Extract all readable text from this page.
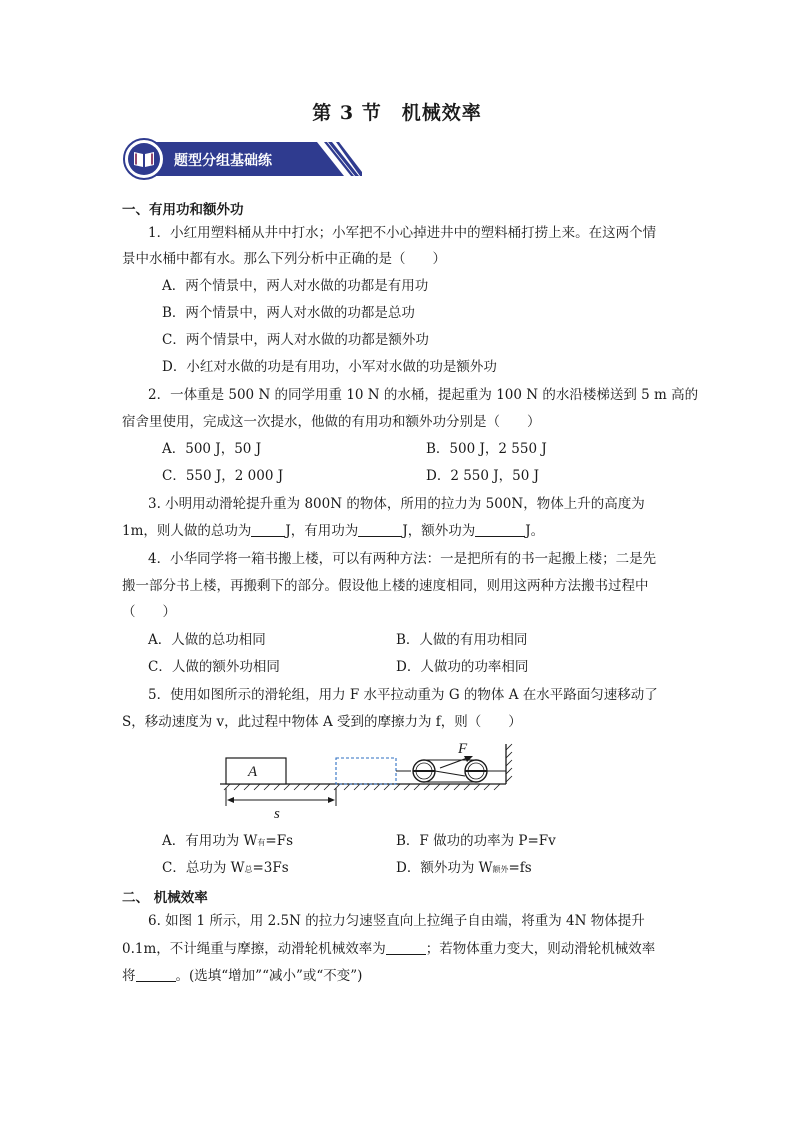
第 3 节　机械效率
题型分组基础练
一、有用功和额外功
1．小红用塑料桶从井中打水；小军把不小心掉进井中的塑料桶打捞上来。在这两个情
景中水桶中都有水。那么下列分析中正确的是（　　）
A．两个情景中，两人对水做的功都是有用功
B．两个情景中，两人对水做的功都是总功
C．两个情景中，两人对水做的功都是额外功
D．小红对水做的功是有用功，小军对水做的功是额外功
2．一体重是 500 N 的同学用重 10 N 的水桶，提起重为 100 N 的水沿楼梯送到 5 m 高的
宿舍里使用，完成这一次提水，他做的有用功和额外功分别是（　　）
A．500 J，50 J	B．500 J，2 550 J
C．550 J，2 000 J	D．2 550 J，50 J
3. 小明用动滑轮提升重为 800N 的物体，所用的拉力为 500N，物体上升的高度为
1m，则人做的总功为	J，有用功为	J，额外功为	J。
4．小华同学将一箱书搬上楼，可以有两种方法：一是把所有的书一起搬上楼；二是先
搬一部分书上楼，再搬剩下的部分。假设他上楼的速度相同，则用这两种方法搬书过程中
（　　）
A．人做的总功相同	B．人做的有用功相同
C．人做的额外功相同	D．人做功的功率相同
5．使用如图所示的滑轮组，用力 F 水平拉动重为 G 的物体 A 在水平路面匀速移动了
S，移动速度为 v，此过程中物体 A 受到的摩擦力为 f，则（　　）
A
F
s
A．有用功为 W有=Fs	B．F 做功的功率为 P=Fv
C．总功为 W总=3Fs	D．额外功为 W额外=fs
二、 机械效率
6. 如图 1 所示，用 2.5N 的拉力匀速竖直向上拉绳子自由端，将重为 4N 物体提升
0.1m，不计绳重与摩擦，动滑轮机械效率为	；若物体重力变大，则动滑轮机械效率
将	。(选填“增加”“减小”或“不变”)
